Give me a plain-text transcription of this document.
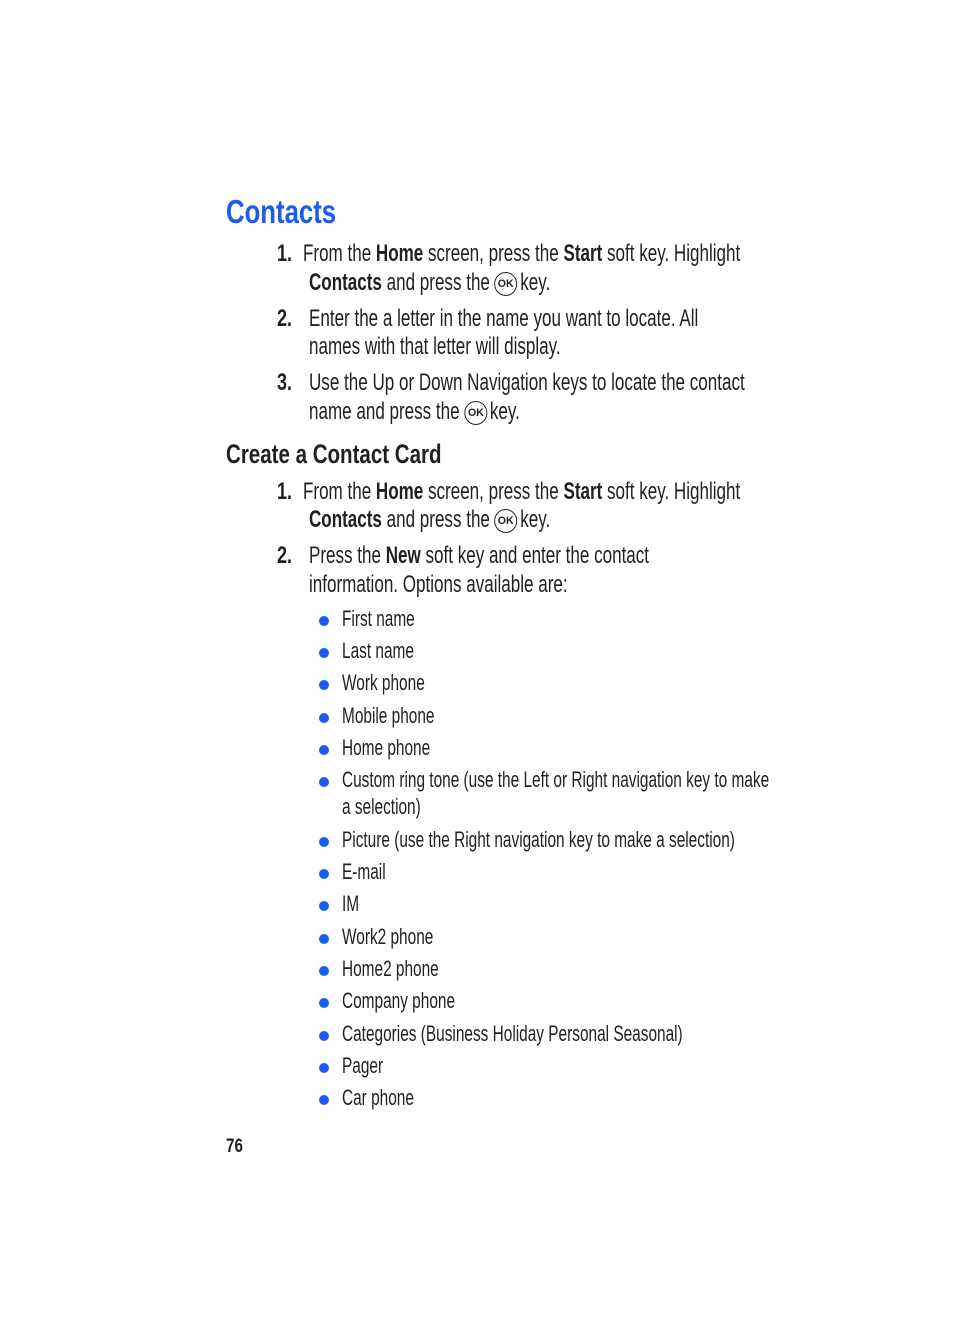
Contacts
1. From the Home screen, press the Start soft key. Highlight
Contacts and press the OK key.
2. Enter the a letter in the name you want to locate. All
names with that letter will display.
3. Use the Up or Down Navigation keys to locate the contact
name and press the OK key.
Create a Contact Card
1. From the Home screen, press the Start soft key. Highlight
Contacts and press the OK key.
2. Press the New soft key and enter the contact
information. Options available are:
First name
Last name
Work phone
Mobile phone
Home phone
Custom ring tone (use the Left or Right navigation key to make
a selection)
Picture (use the Right navigation key to make a selection)
E-mail
IM
Work2 phone
Home2 phone
Company phone
Categories (Business Holiday Personal Seasonal)
Pager
Car phone
76
